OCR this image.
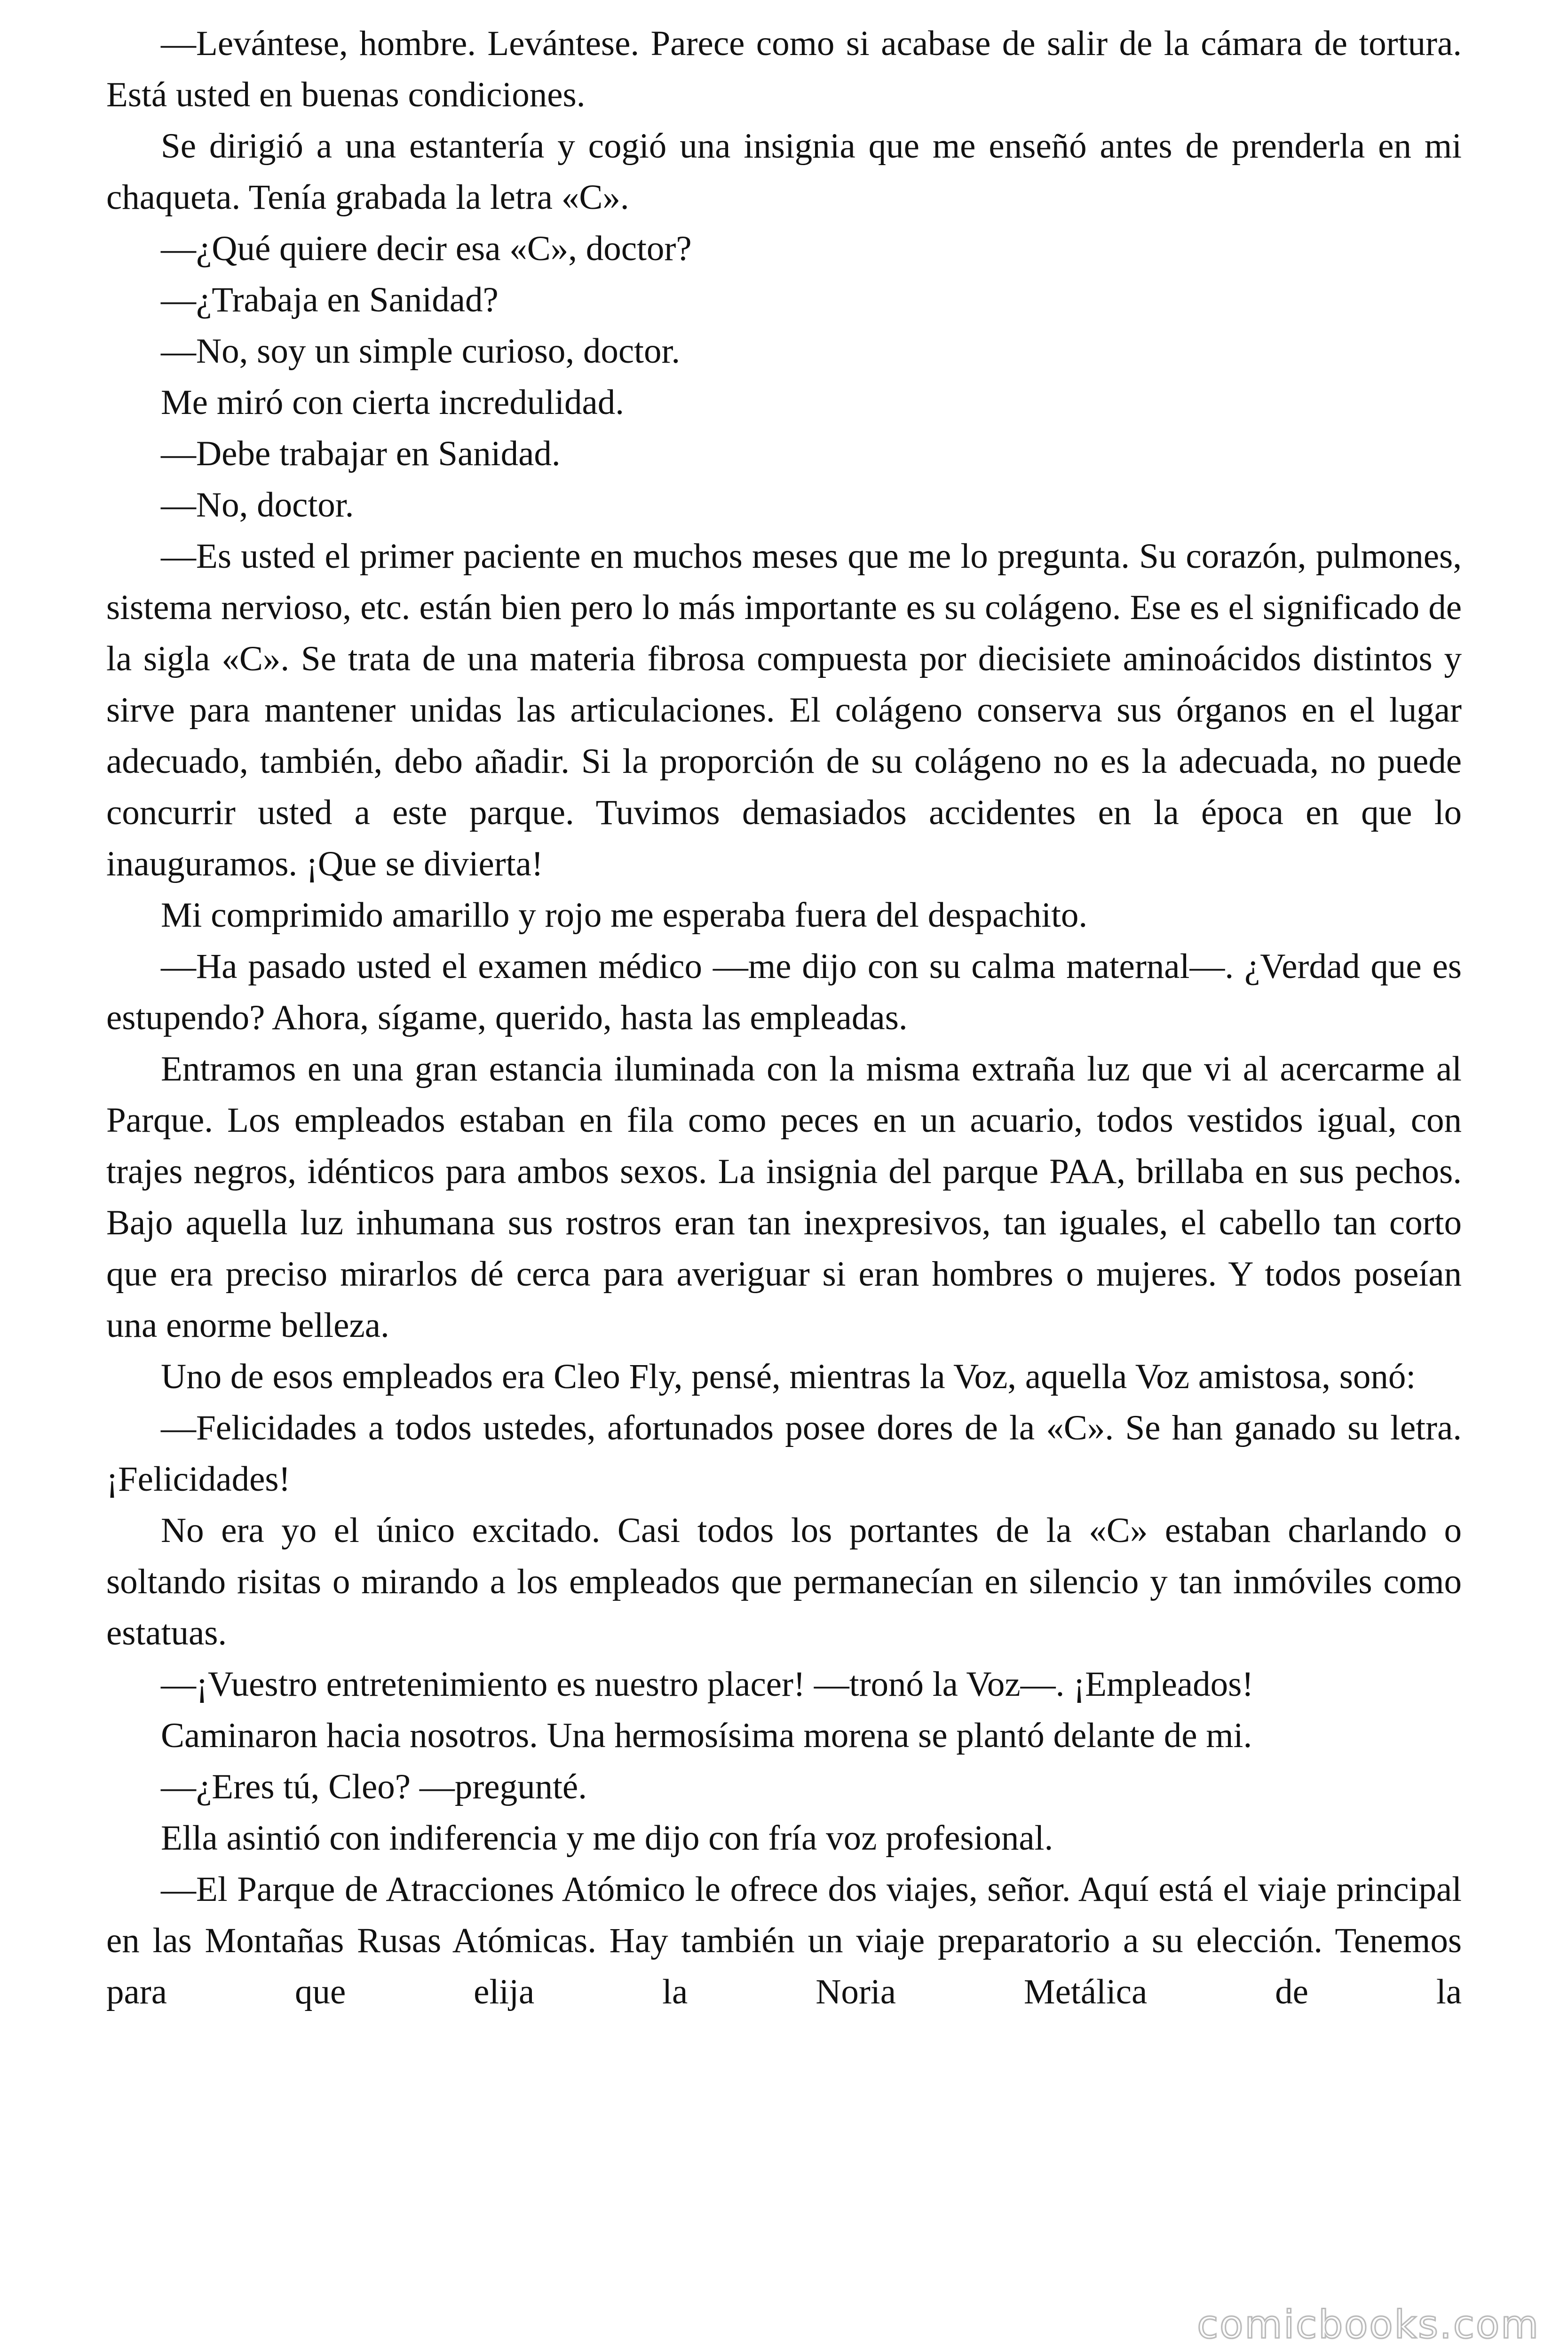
—Levántese, hombre. Levántese. Parece como si acabase de salir de la cámara de tortura. Está usted en buenas condiciones.

Se dirigió a una estantería y cogió una insignia que me enseñó antes de prenderla en mi chaqueta. Tenía grabada la letra «C».

—¿Qué quiere decir esa «C», doctor?

—¿Trabaja en Sanidad?

—No, soy un simple curioso, doctor.

Me miró con cierta incredulidad.

—Debe trabajar en Sanidad.

—No, doctor.

—Es usted el primer paciente en muchos meses que me lo pregunta. Su corazón, pulmones, sistema nervioso, etc. están bien pero lo más importante es su colágeno. Ese es el significado de la sigla «C». Se trata de una materia fibrosa compuesta por diecisiete aminoácidos distintos y sirve para mantener unidas las articulaciones. El colágeno conserva sus órganos en el lugar adecuado, también, debo añadir. Si la proporción de su colágeno no es la adecuada, no puede concurrir usted a este parque. Tuvimos demasiados accidentes en la época en que lo inauguramos. ¡Que se divierta!

Mi comprimido amarillo y rojo me esperaba fuera del despachito.

—Ha pasado usted el examen médico —me dijo con su calma maternal—. ¿Verdad que es estupendo? Ahora, sígame, querido, hasta las empleadas.

Entramos en una gran estancia iluminada con la misma extraña luz que vi al acercarme al Parque. Los empleados estaban en fila como peces en un acuario, todos vestidos igual, con trajes negros, idénticos para ambos sexos. La insignia del parque PAA, brillaba en sus pechos. Bajo aquella luz inhumana sus rostros eran tan inexpresivos, tan iguales, el cabello tan corto que era preciso mirarlos dé cerca para averiguar si eran hombres o mujeres. Y todos poseían una enorme belleza.

Uno de esos empleados era Cleo Fly, pensé, mientras la Voz, aquella Voz amistosa, sonó:

—Felicidades a todos ustedes, afortunados posee dores de la «C». Se han ganado su letra. ¡Felicidades!

No era yo el único excitado. Casi todos los portantes de la «C» estaban charlando o soltando risitas o mirando a los empleados que permanecían en silencio y tan inmóviles como estatuas.

—¡Vuestro entretenimiento es nuestro placer! —tronó la Voz—. ¡Empleados!

Caminaron hacia nosotros. Una hermosísima morena se plantó delante de mi.

—¿Eres tú, Cleo? —pregunté.

Ella asintió con indiferencia y me dijo con fría voz profesional.

—El Parque de Atracciones Atómico le ofrece dos viajes, señor. Aquí está el viaje principal en las Montañas Rusas Atómicas. Hay también un viaje preparatorio a su elección. Tenemos para que elija la Noria Metálica de la

comicbooks.com
